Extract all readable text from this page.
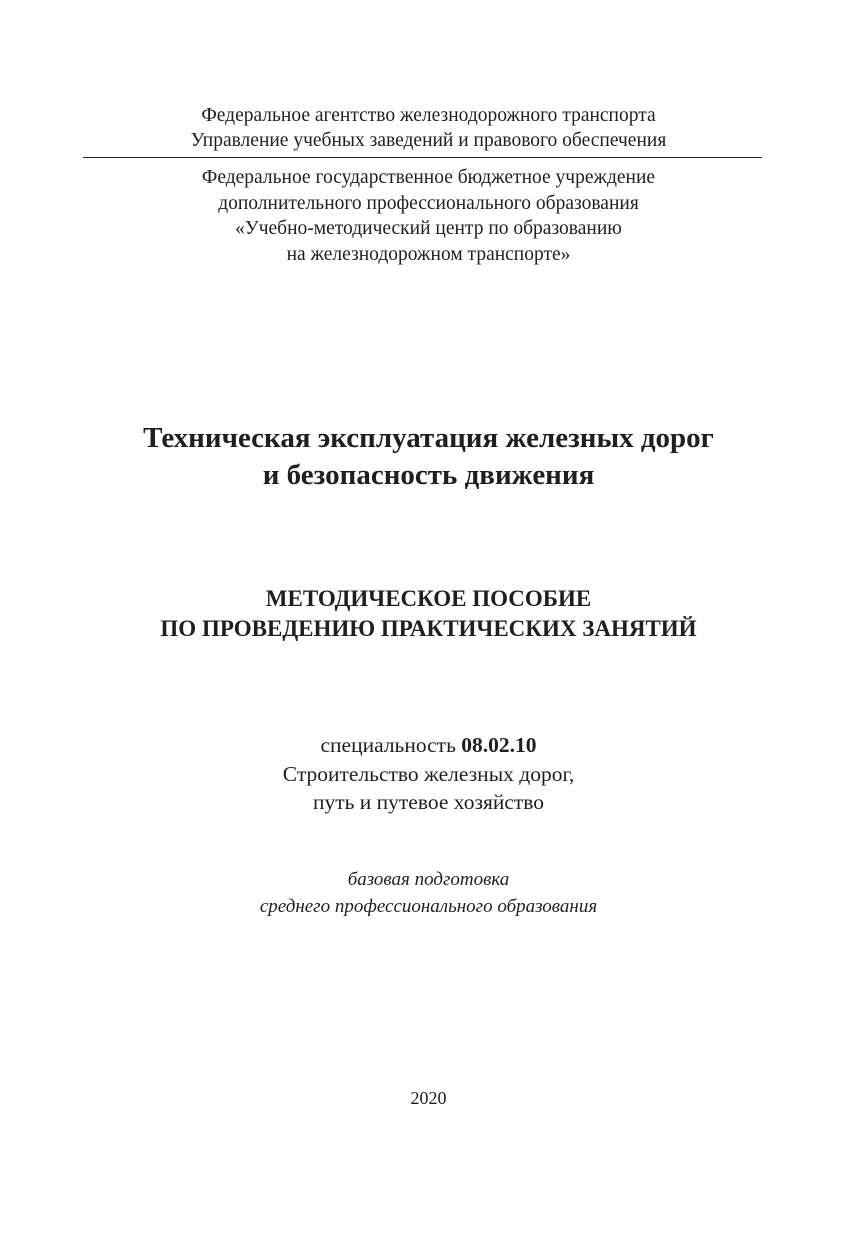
Федеральное агентство железнодорожного транспорта
Управление учебных заведений и правового обеспечения
Федеральное государственное бюджетное учреждение
дополнительного профессионального образования
«Учебно-методический центр по образованию
на железнодорожном транспорте»
Техническая эксплуатация железных дорог
и безопасность движения
МЕТОДИЧЕСКОЕ ПОСОБИЕ
ПО ПРОВЕДЕНИЮ ПРАКТИЧЕСКИХ ЗАНЯТИЙ
специальность 08.02.10
Строительство железных дорог,
путь и путевое хозяйство
базовая подготовка
среднего профессионального образования
2020
